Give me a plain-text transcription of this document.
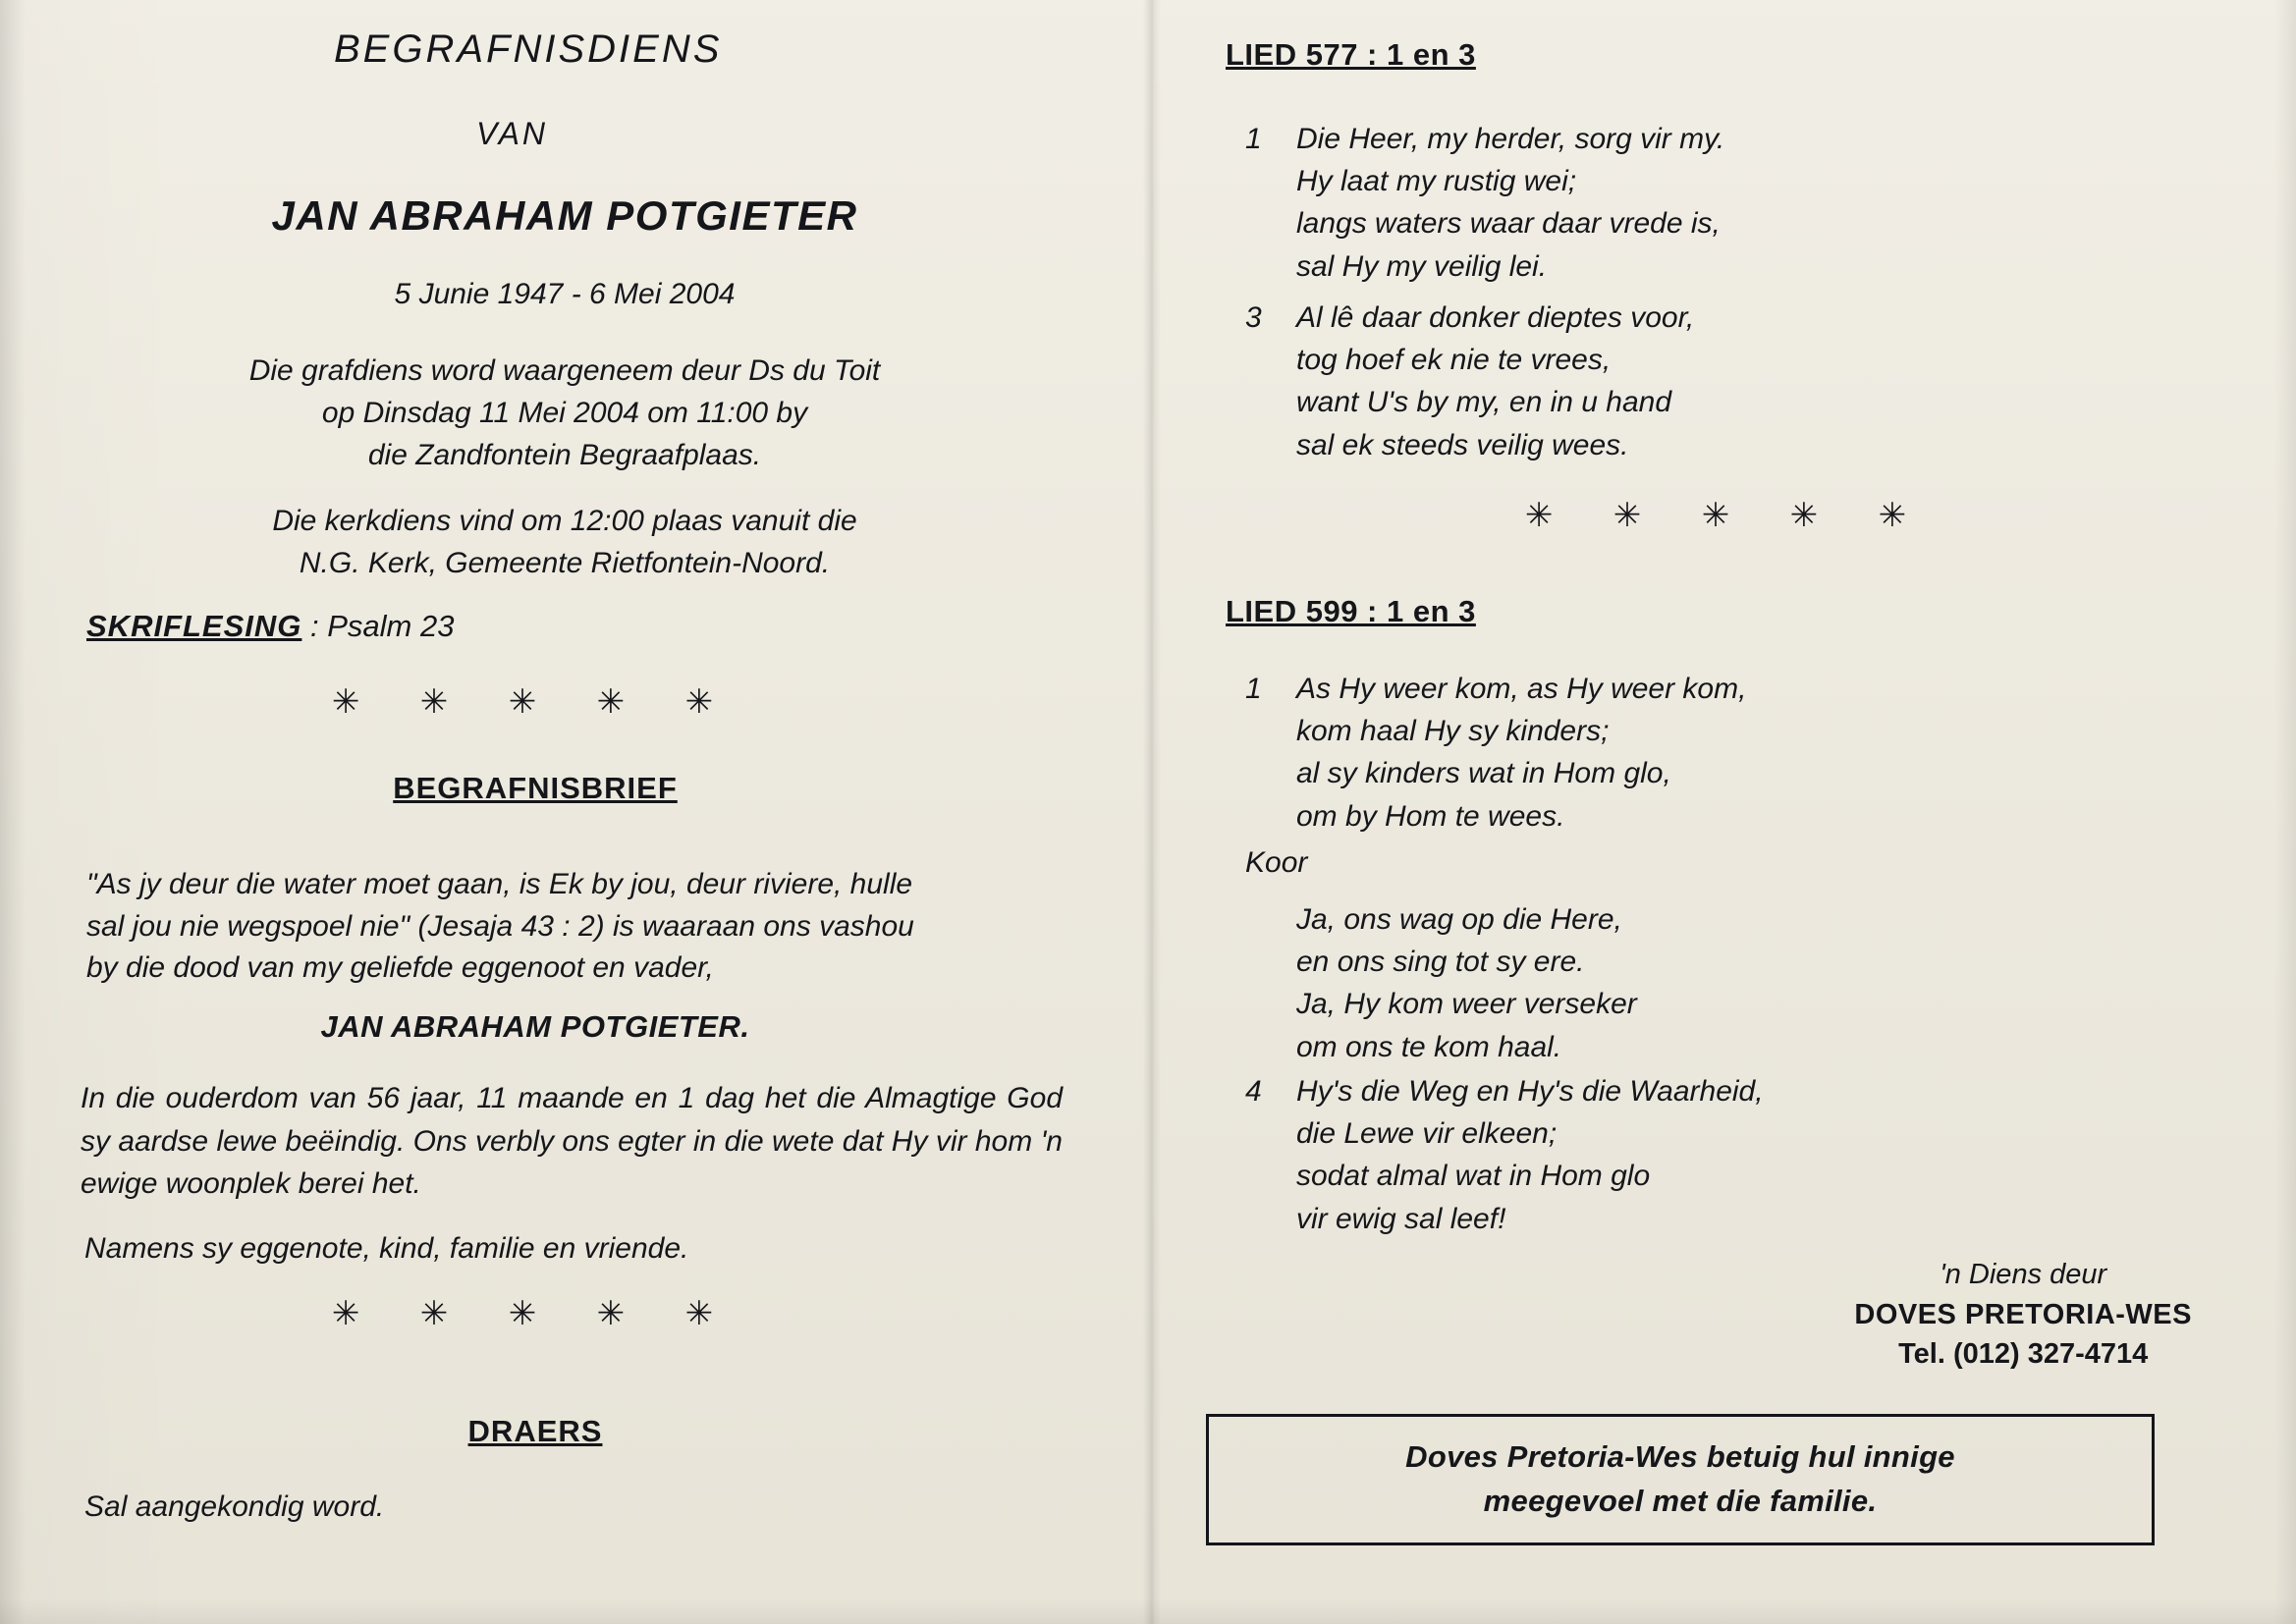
BEGRAFNISDIENS
VAN
JAN ABRAHAM POTGIETER
5 Junie 1947 - 6 Mei 2004
Die grafdiens word waargeneem deur Ds du Toit
op Dinsdag 11 Mei 2004 om 11:00 by
die Zandfontein Begraafplaas.
Die kerkdiens vind om 12:00 plaas vanuit die
N.G. Kerk, Gemeente Rietfontein-Noord.
SKRIFLESING : Psalm 23
✳ ✳ ✳ ✳ ✳
BEGRAFNISBRIEF
"As jy deur die water moet gaan, is Ek by jou, deur riviere, hulle
sal jou nie wegspoel nie" (Jesaja 43 : 2) is waaraan ons vashou
by die dood van my geliefde eggenoot en vader,
JAN ABRAHAM POTGIETER.
In die ouderdom van 56 jaar, 11 maande en 1 dag het die Almagtige God sy aardse lewe beëindig. Ons verbly ons egter in die wete dat Hy vir hom 'n ewige woonplek berei het.
Namens sy eggenote, kind, familie en vriende.
✳ ✳ ✳ ✳ ✳
DRAERS
Sal aangekondig word.
LIED 577 : 1 en 3
1 Die Heer, my herder, sorg vir my.
Hy laat my rustig wei;
langs waters waar daar vrede is,
sal Hy my veilig lei.
3 Al lê daar donker dieptes voor,
tog hoef ek nie te vrees,
want U's by my, en in u hand
sal ek steeds veilig wees.
✳ ✳ ✳ ✳ ✳
LIED 599 : 1 en 3
1 As Hy weer kom, as Hy weer kom,
kom haal Hy sy kinders;
al sy kinders wat in Hom glo,
om by Hom te wees.
Koor
Ja, ons wag op die Here,
en ons sing tot sy ere.
Ja, Hy kom weer verseker
om ons te kom haal.
4 Hy's die Weg en Hy's die Waarheid,
die Lewe vir elkeen;
sodat almal wat in Hom glo
vir ewig sal leef!
'n Diens deur
DOVES PRETORIA-WES
Tel. (012) 327-4714
Doves Pretoria-Wes betuig hul innige
meegevoel met die familie.
